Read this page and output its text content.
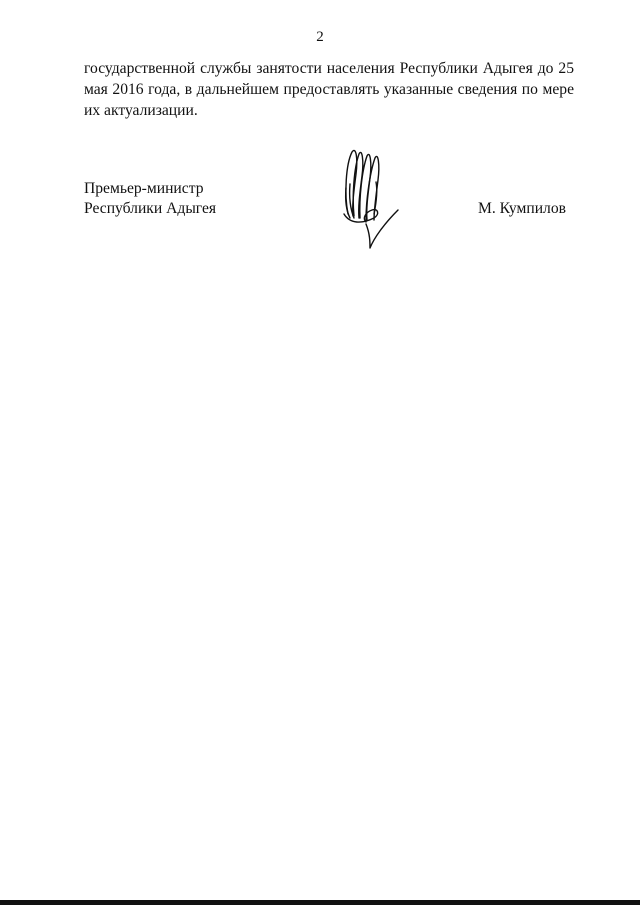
2

государственной службы занятости населения Республики Адыгея до 25
мая 2016 года, в дальнейшем предоставлять указанные сведения по мере
их актуализации.

Премьер-министр
Республики Адыгея	М. Кумпилов
